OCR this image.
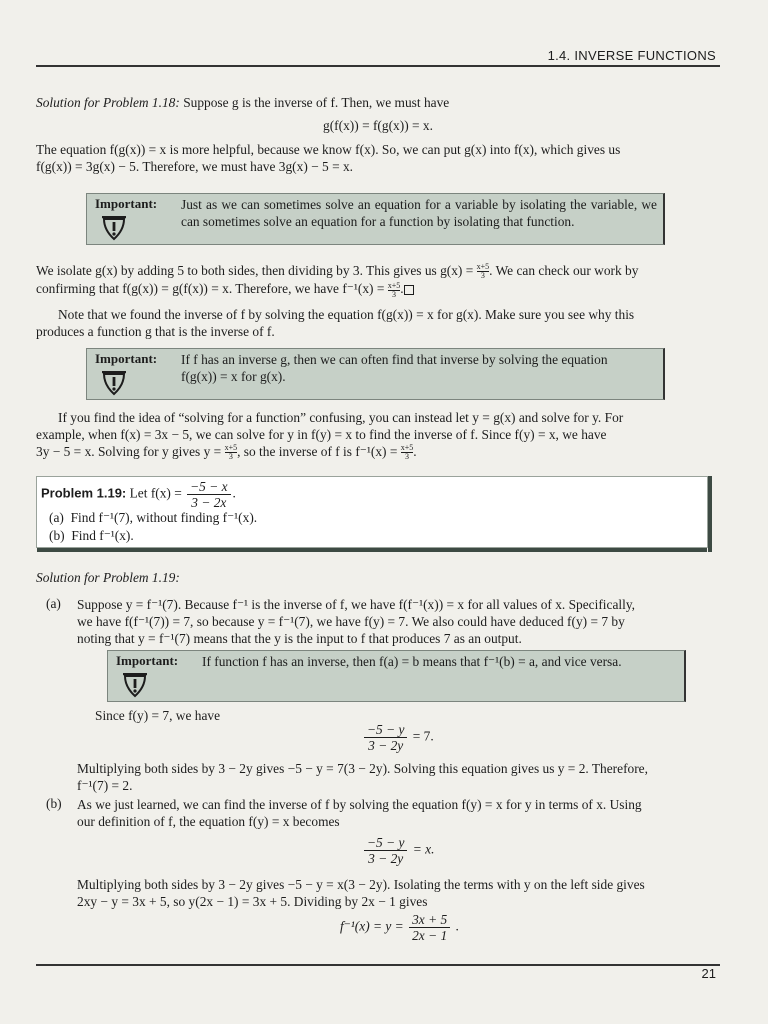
1.4. INVERSE FUNCTIONS

Solution for Problem 1.18: Suppose g is the inverse of f. Then, we must have

g(f(x)) = f(g(x)) = x.

The equation f(g(x)) = x is more helpful, because we know f(x). So, we can put g(x) into f(x), which gives us

f(g(x)) = 3g(x) − 5. Therefore, we must have 3g(x) − 5 = x.

Important: Just as we can sometimes solve an equation for a variable by isolating the variable, we can sometimes solve an equation for a function by isolating that function.

We isolate g(x) by adding 5 to both sides, then dividing by 3. This gives us $g(x) = \frac{x+5}{3}$ . We can check our work by

confirming that f(g(x)) = g(f(x)) = x. Therefore, we have $f^{-1}(x) = \frac{x+5}{3}$ .

Note that we found the inverse of f by solving the equation f(g(x)) = x for g(x). Make sure you see why this

produces a function g that is the inverse of f.

Important: If f has an inverse g, then we can often find that inverse by solving the equation
f(g(x)) = x for g(x).

If you find the idea of “solving for a function” confusing, you can instead let y = g(x) and solve for y. For

example, when f(x) = 3x − 5, we can solve for y in f(y) = x to find the inverse of f. Since f(y) = x, we have

3y − 5 = x. Solving for y gives $y = \frac{x+5}{3}$ , so the inverse of f is $f^{-1}(x) = \frac{x+5}{3}$ .

Problem 1.19: Let $f(x) = \frac{-5 - x}{3 - 2x}$ .
(a) Find f⁻¹(7), without finding f⁻¹(x).
(b) Find f⁻¹(x).
Solution for Problem 1.19:
(a) Suppose y = f⁻¹(7). Because f⁻¹ is the inverse of f, we have f(f⁻¹(x)) = x for all values of x. Specifically,

we have f(f⁻¹(7)) = 7, so because y = f⁻¹(7), we have f(y) = 7. We also could have deduced f(y) = 7 by

noting that y = f⁻¹(7) means that the y is the input to f that produces 7 as an output.

Important: If function f has an inverse, then f(a) = b means that f⁻¹(b) = a, and vice versa.
Since f(y) = 7, we have
$\frac{-5 - y}{3 - 2y} = 7$.

Multiplying both sides by 3 − 2y gives −5 − y = 7(3 − 2y). Solving this equation gives us y = 2. Therefore,

f⁻¹(7) = 2.

(b) As we just learned, we can find the inverse of f by solving the equation f(y) = x for y in terms of x. Using

our definition of f, the equation f(y) = x becomes

$\frac{-5 - y}{3 - 2y} = x$.

Multiplying both sides by 3 − 2y gives −5 − y = x(3 − 2y). Isolating the terms with y on the left side gives

2xy − y = 3x + 5, so y(2x − 1) = 3x + 5. Dividing by 2x − 1 gives

$f^{-1}(x) = y = \frac{3x + 5}{2x - 1}$ .
21
